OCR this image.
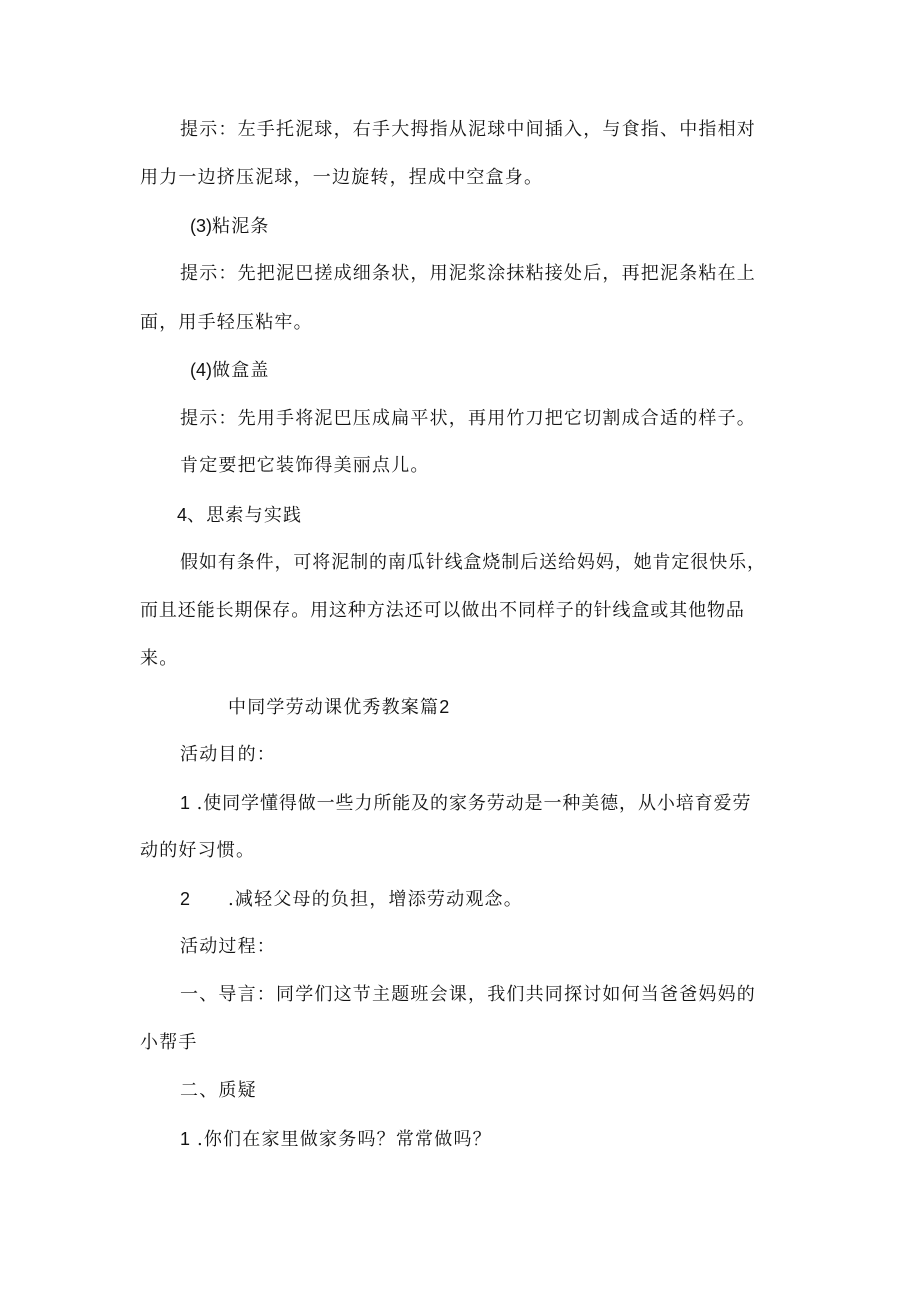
提示：左手托泥球，右手大拇指从泥球中间插入，与食指、中指相对
用力一边挤压泥球，一边旋转，捏成中空盒身。
(3)粘泥条
提示：先把泥巴搓成细条状，用泥浆涂抹粘接处后，再把泥条粘在上
面，用手轻压粘牢。
(4)做盒盖
提示：先用手将泥巴压成扁平状，再用竹刀把它切割成合适的样子。
肯定要把它装饰得美丽点儿。
4、思索与实践
假如有条件，可将泥制的南瓜针线盒烧制后送给妈妈，她肯定很快乐，
而且还能长期保存。用这种方法还可以做出不同样子的针线盒或其他物品
来。
中同学劳动课优秀教案篇2
活动目的：
1 .使同学懂得做一些力所能及的家务劳动是一种美德，从小培育爱劳
动的好习惯。
2 .减轻父母的负担，增添劳动观念。
活动过程：
一、导言：同学们这节主题班会课，我们共同探讨如何当爸爸妈妈的
小帮手
二、质疑
1 .你们在家里做家务吗？常常做吗？
